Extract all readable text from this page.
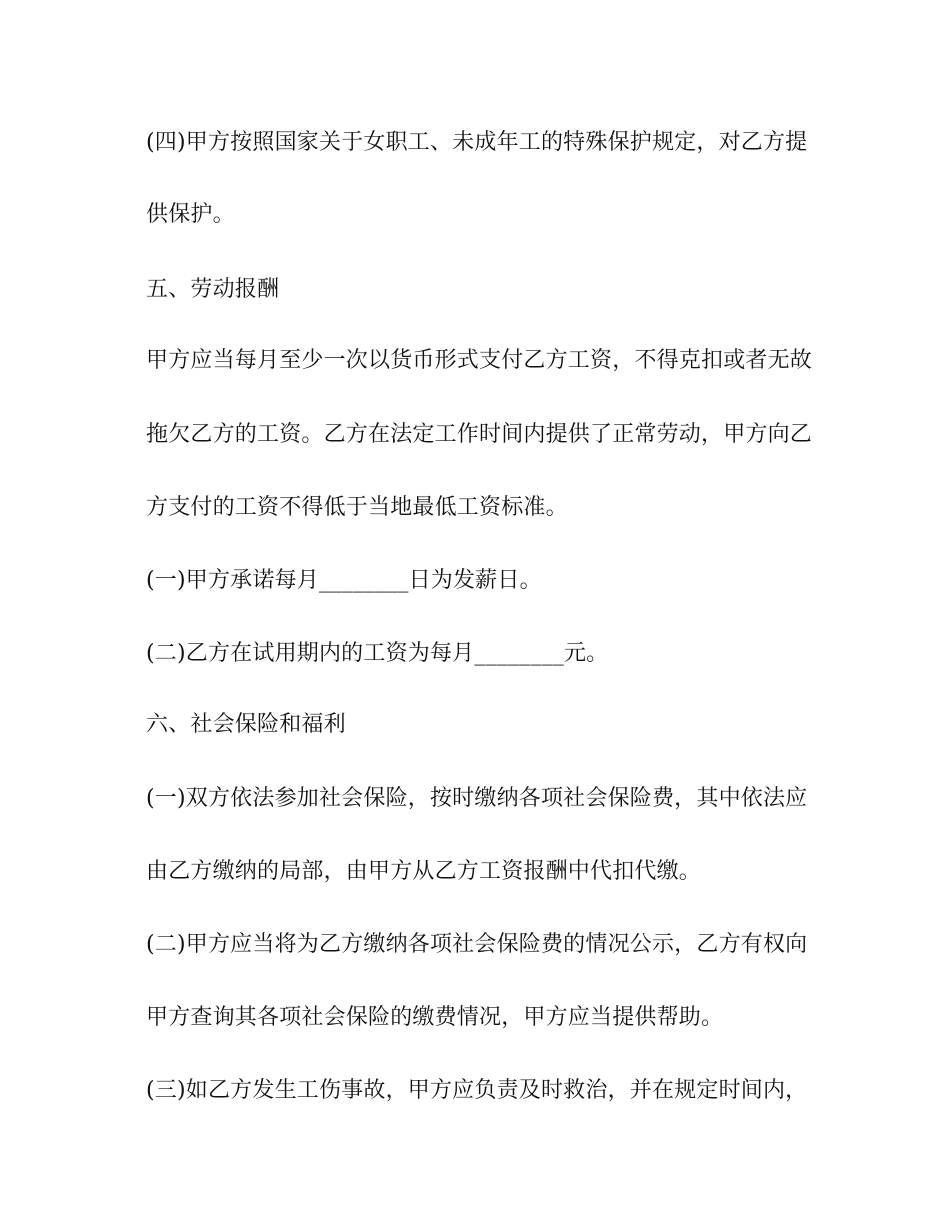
(四)甲方按照国家关于女职工、未成年工的特殊保护规定，对乙方提
供保护。
五、劳动报酬
甲方应当每月至少一次以货币形式支付乙方工资，不得克扣或者无故
拖欠乙方的工资。乙方在法定工作时间内提供了正常劳动，甲方向乙
方支付的工资不得低于当地最低工资标准。
(一)甲方承诺每月________日为发薪日。
(二)乙方在试用期内的工资为每月________元。
六、社会保险和福利
(一)双方依法参加社会保险，按时缴纳各项社会保险费，其中依法应
由乙方缴纳的局部，由甲方从乙方工资报酬中代扣代缴。
(二)甲方应当将为乙方缴纳各项社会保险费的情况公示，乙方有权向
甲方查询其各项社会保险的缴费情况，甲方应当提供帮助。
(三)如乙方发生工伤事故，甲方应负责及时救治，并在规定时间内，
